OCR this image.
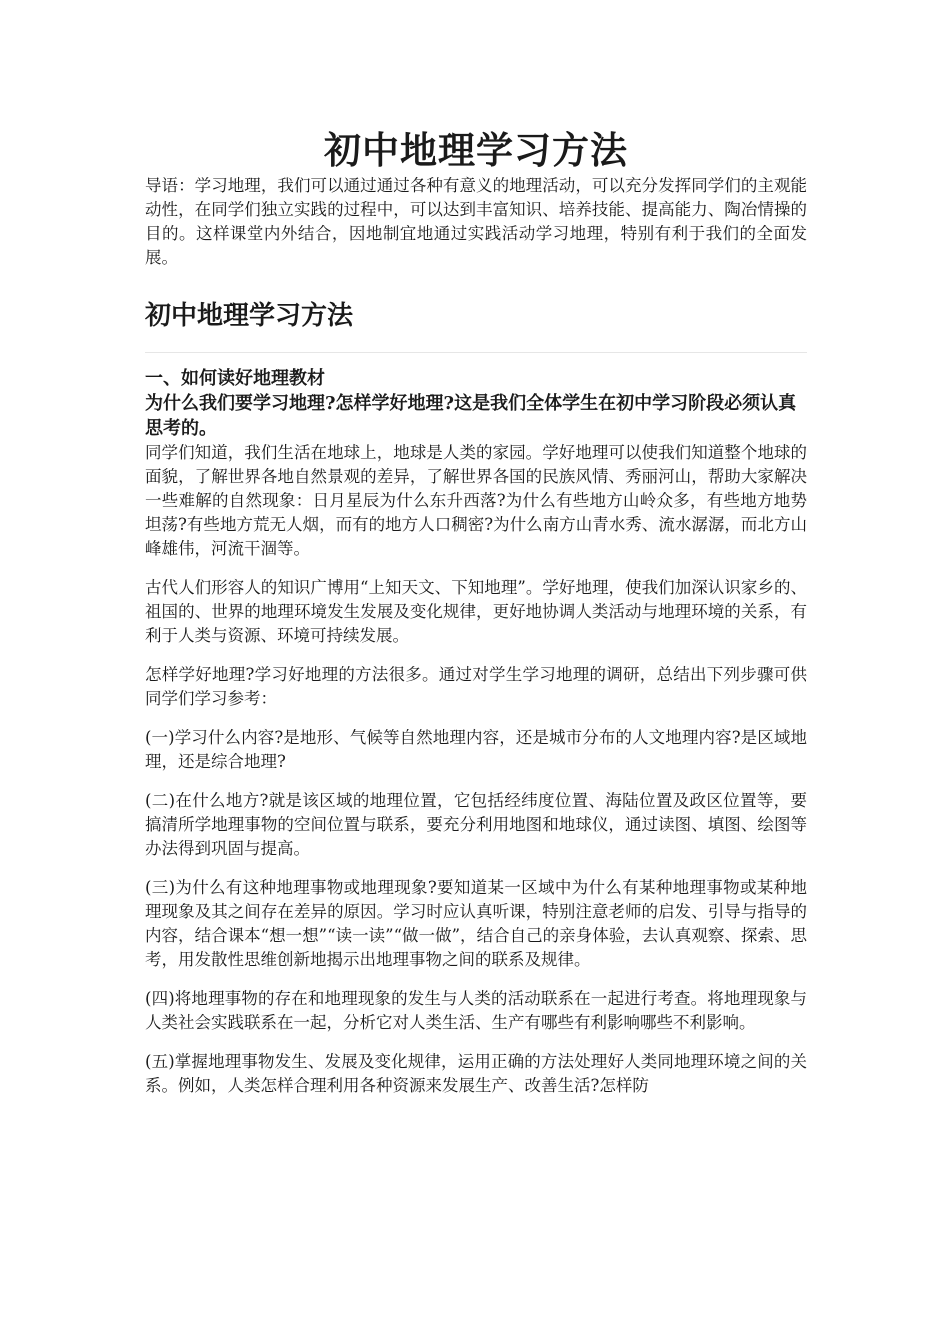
初中地理学习方法

导语：学习地理，我们可以通过通过各种有意义的地理活动，可以充分发挥同学们的主观能动性，在同学们独立实践的过程中，可以达到丰富知识、培养技能、提高能力、陶冶情操的目的。这样课堂内外结合，因地制宜地通过实践活动学习地理，特别有利于我们的全面发展。

初中地理学习方法
一、如何读好地理教材

为什么我们要学习地理?怎样学好地理?这是我们全体学生在初中学习阶段必须认真思考的。

同学们知道，我们生活在地球上，地球是人类的家园。学好地理可以使我们知道整个地球的面貌，了解世界各地自然景观的差异，了解世界各国的民族风情、秀丽河山，帮助大家解决一些难解的自然现象：日月星辰为什么东升西落?为什么有些地方山岭众多，有些地方地势坦荡?有些地方荒无人烟，而有的地方人口稠密?为什么南方山青水秀、流水潺潺，而北方山峰雄伟，河流干涸等。

古代人们形容人的知识广博用“上知天文、下知地理”。学好地理，使我们加深认识家乡的、祖国的、世界的地理环境发生发展及变化规律，更好地协调人类活动与地理环境的关系，有利于人类与资源、环境可持续发展。

怎样学好地理?学习好地理的方法很多。通过对学生学习地理的调研，总结出下列步骤可供同学们学习参考：

(一)学习什么内容?是地形、气候等自然地理内容，还是城市分布的人文地理内容?是区域地理，还是综合地理?

(二)在什么地方?就是该区域的地理位置，它包括经纬度位置、海陆位置及政区位置等，要搞清所学地理事物的空间位置与联系，要充分利用地图和地球仪，通过读图、填图、绘图等办法得到巩固与提高。

(三)为什么有这种地理事物或地理现象?要知道某一区域中为什么有某种地理事物或某种地理现象及其之间存在差异的原因。学习时应认真听课，特别注意老师的启发、引导与指导的内容，结合课本“想一想”“读一读”“做一做”，结合自己的亲身体验，去认真观察、探索、思考，用发散性思维创新地揭示出地理事物之间的联系及规律。

(四)将地理事物的存在和地理现象的发生与人类的活动联系在一起进行考查。将地理现象与人类社会实践联系在一起，分析它对人类生活、生产有哪些有利影响哪些不利影响。

(五)掌握地理事物发生、发展及变化规律，运用正确的方法处理好人类同地理环境之间的关系。例如，人类怎样合理利用各种资源来发展生产、改善生活?怎样防
